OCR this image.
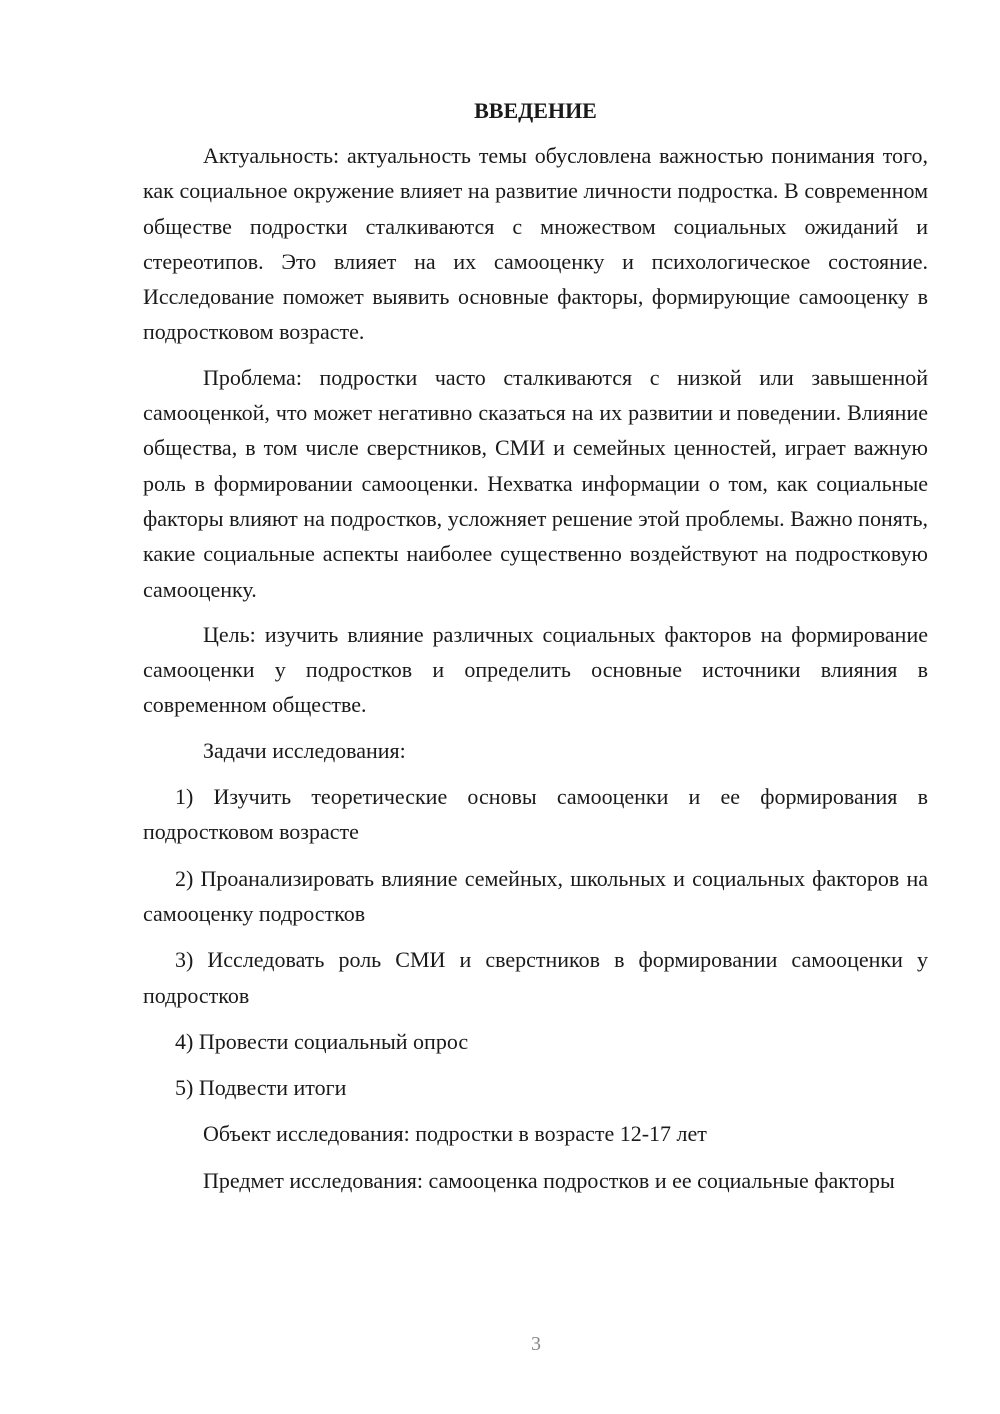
ВВЕДЕНИЕ

Актуальность: актуальность темы обусловлена важностью понимания того, как социальное окружение влияет на развитие личности подростка. В современном обществе подростки сталкиваются с множеством социальных ожиданий и стереотипов. Это влияет на их самооценку и психологическое состояние. Исследование поможет выявить основные факторы, формирующие самооценку в подростковом возрасте.

Проблема: подростки часто сталкиваются с низкой или завышенной самооценкой, что может негативно сказаться на их развитии и поведении. Влияние общества, в том числе сверстников, СМИ и семейных ценностей, играет важную роль в формировании самооценки. Нехватка информации о том, как социальные факторы влияют на подростков, усложняет решение этой проблемы. Важно понять, какие социальные аспекты наиболее существенно воздействуют на подростковую самооценку.

Цель: изучить влияние различных социальных факторов на формирование самооценки у подростков и определить основные источники влияния в современном обществе.

Задачи исследования:

1) Изучить теоретические основы самооценки и ее формирования в подростковом возрасте

2) Проанализировать влияние семейных, школьных и социальных факторов на самооценку подростков

3) Исследовать роль СМИ и сверстников в формировании самооценки у подростков

4) Провести социальный опрос

5) Подвести итоги

Объект исследования: подростки в возрасте 12-17 лет

Предмет исследования: самооценка подростков и ее социальные факторы

3
